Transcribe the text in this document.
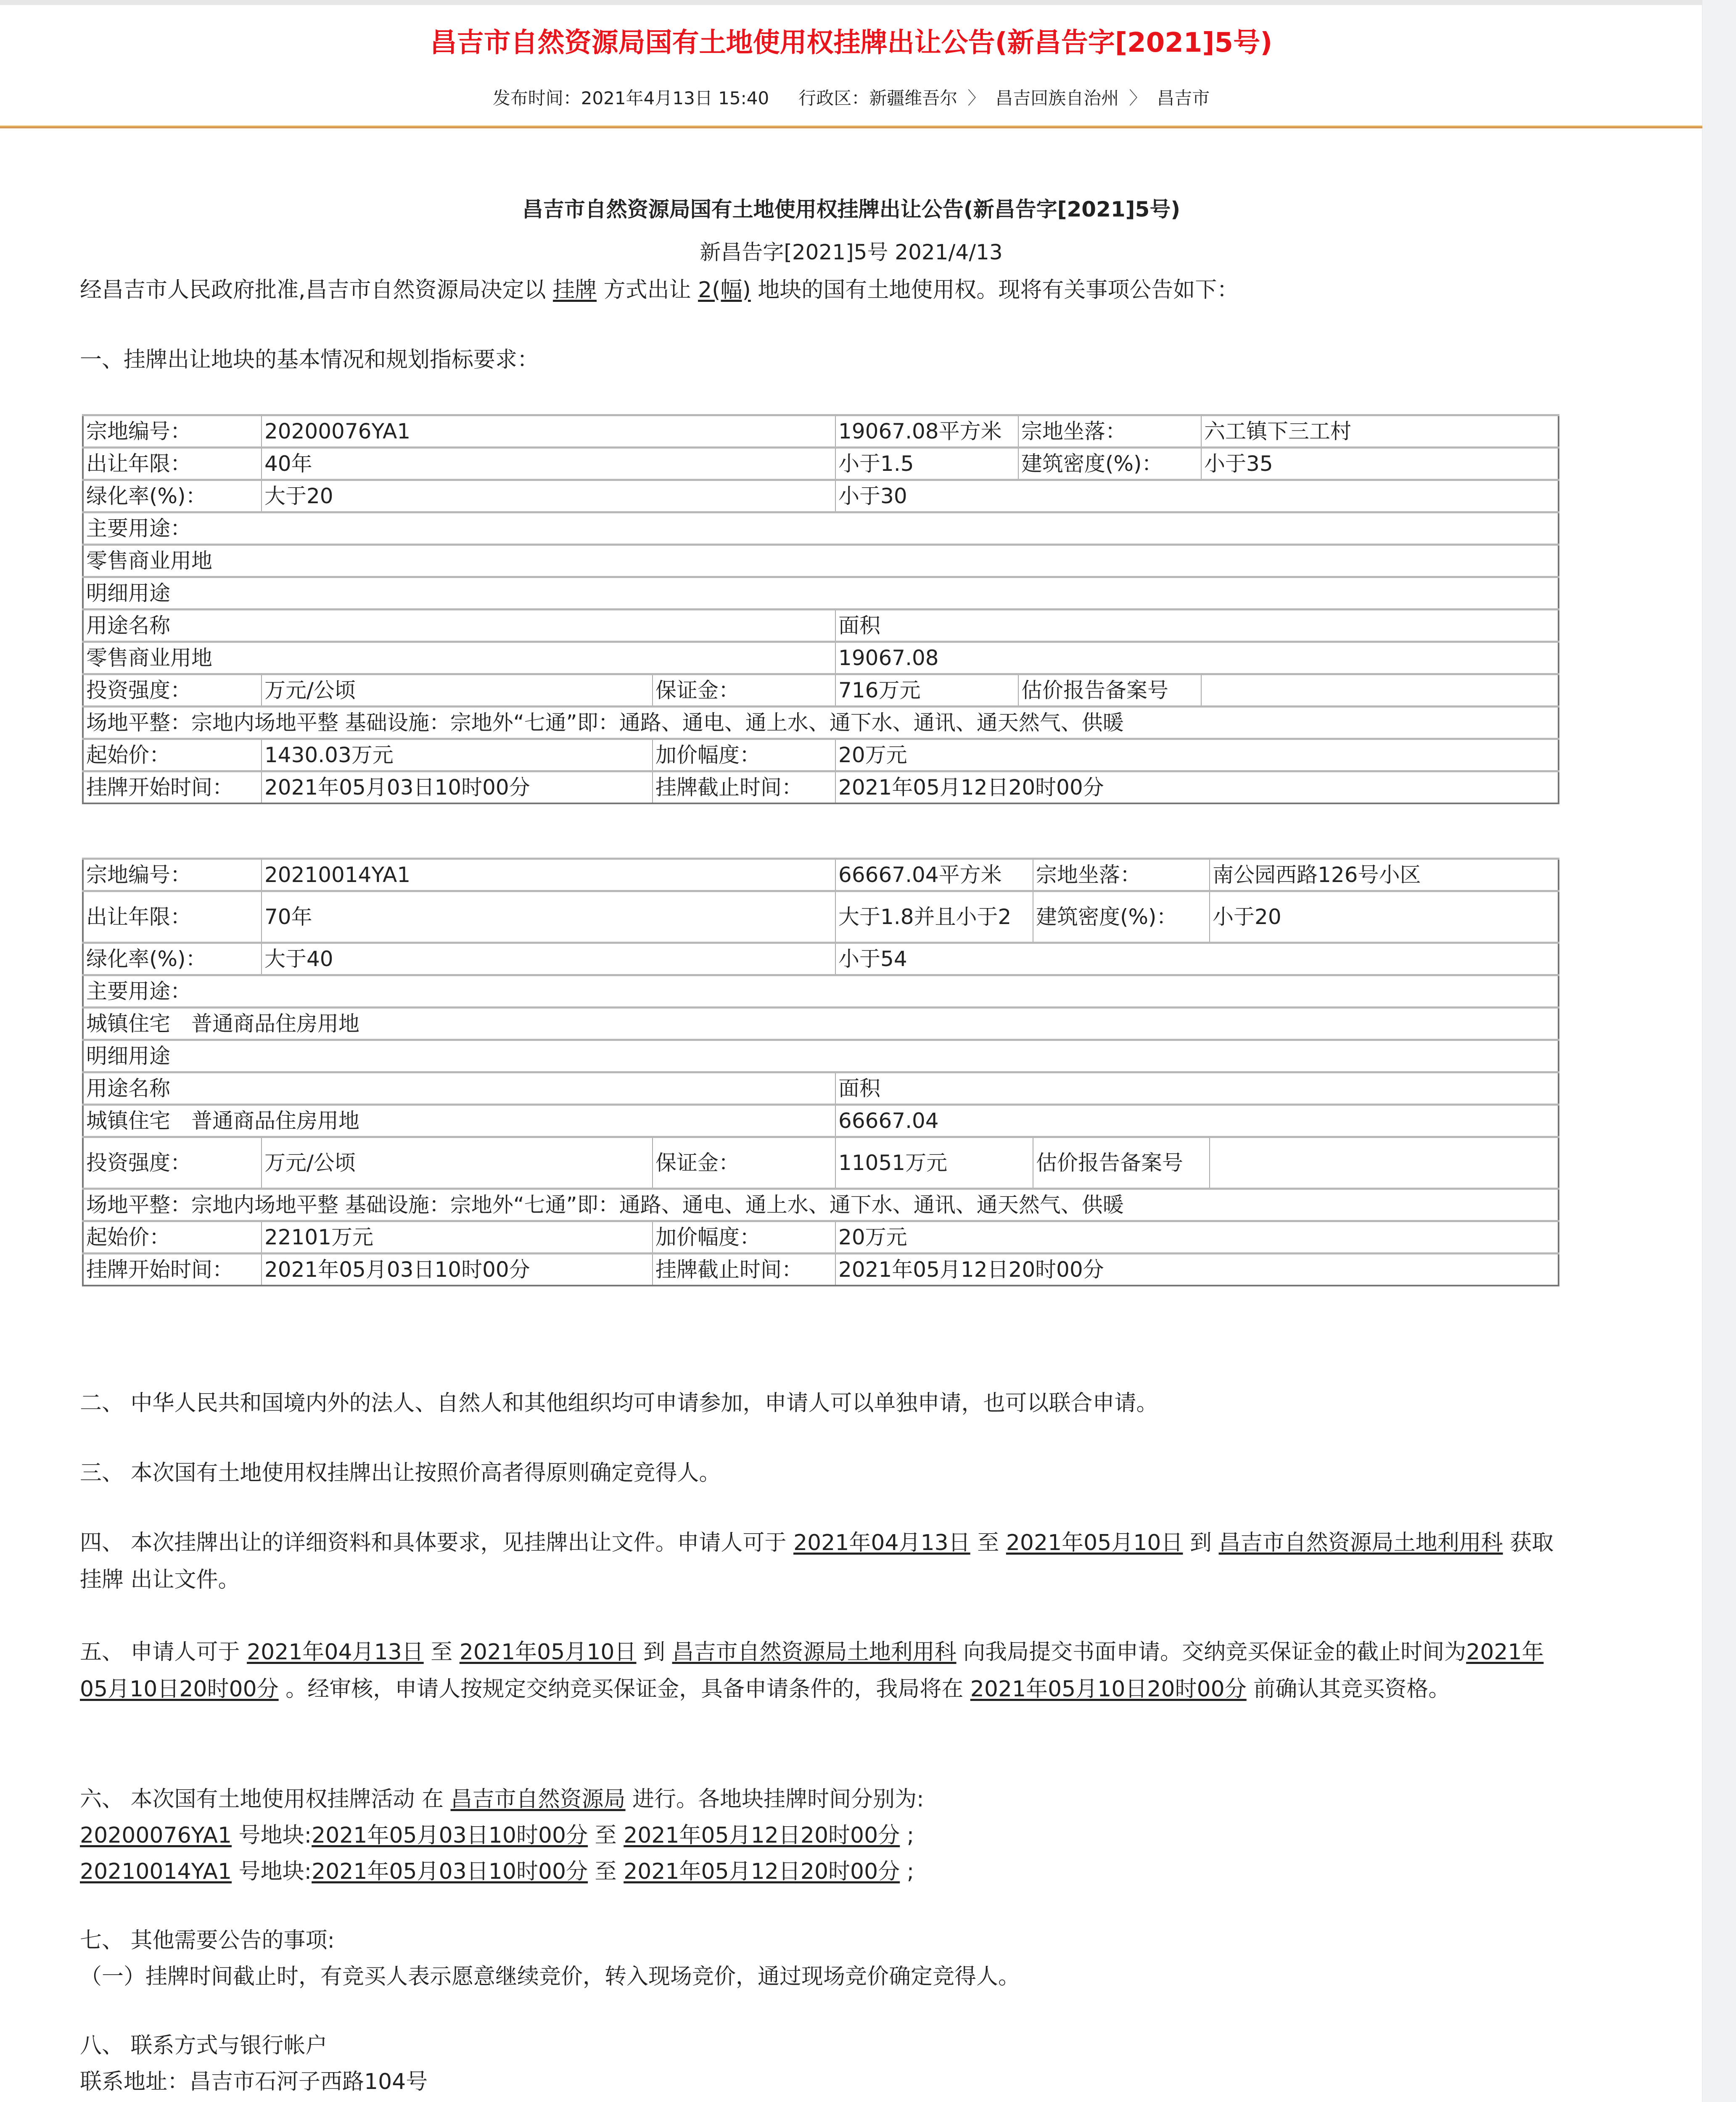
昌吉市自然资源局国有土地使用权挂牌出让公告(新昌告字[2021]5号)
发布时间：2021年4月13日 15:40 行政区：新疆维吾尔 〉 昌吉回族自治州 〉 昌吉市
昌吉市自然资源局国有土地使用权挂牌出让公告(新昌告字[2021]5号)
新昌告字[2021]5号 2021/4/13
经昌吉市人民政府批准,昌吉市自然资源局决定以 挂牌 方式出让 2(幅) 地块的国有土地使用权。现将有关事项公告如下：
一、挂牌出让地块的基本情况和规划指标要求：
宗地编号：	20200076YA1		19067.08平方米	宗地坐落：	六工镇下三工村
出让年限：	40年		小于1.5	建筑密度(%)：	小于35
绿化率(%)：	大于20		小于30		
主要用途：					
零售商业用地					
明细用途					
用途名称			面积		
零售商业用地			19067.08		
投资强度：	万元/公顷	保证金：	716万元	估价报告备案号	
场地平整：宗地内场地平整 基础设施：宗地外“七通”即：通路、通电、通上水、通下水、通讯、通天然气、供暖					
起始价：	1430.03万元	加价幅度：	20万元		
挂牌开始时间：	2021年05月03日10时00分	挂牌截止时间：	2021年05月12日20时00分		
宗地编号：	20210014YA1		66667.04平方米	宗地坐落：	南公园西路126号小区
出让年限：	70年		大于1.8并且小于2	建筑密度(%)：	小于20
绿化率(%)：	大于40		小于54		
主要用途：					
城镇住宅　普通商品住房用地					
明细用途					
用途名称			面积		
城镇住宅　普通商品住房用地			66667.04		
投资强度：	万元/公顷	保证金：	11051万元	估价报告备案号	
场地平整：宗地内场地平整 基础设施：宗地外“七通”即：通路、通电、通上水、通下水、通讯、通天然气、供暖					
起始价：	22101万元	加价幅度：	20万元		
挂牌开始时间：	2021年05月03日10时00分	挂牌截止时间：	2021年05月12日20时00分		
二、 中华人民共和国境内外的法人、自然人和其他组织均可申请参加，申请人可以单独申请，也可以联合申请。
三、 本次国有土地使用权挂牌出让按照价高者得原则确定竞得人。
四、 本次挂牌出让的详细资料和具体要求，见挂牌出让文件。申请人可于 2021年04月13日 至 2021年05月10日 到 昌吉市自然资源局土地利用科 获取 挂牌 出让文件。
五、 申请人可于 2021年04月13日 至 2021年05月10日 到 昌吉市自然资源局土地利用科 向我局提交书面申请。交纳竞买保证金的截止时间为2021年05月10日20时00分 。经审核，申请人按规定交纳竞买保证金，具备申请条件的，我局将在 2021年05月10日20时00分 前确认其竞买资格。
六、 本次国有土地使用权挂牌活动 在 昌吉市自然资源局 进行。各地块挂牌时间分别为:
20200076YA1 号地块:2021年05月03日10时00分 至 2021年05月12日20时00分 ;
20210014YA1 号地块:2021年05月03日10时00分 至 2021年05月12日20时00分 ;
七、 其他需要公告的事项:
（一）挂牌时间截止时，有竞买人表示愿意继续竞价，转入现场竞价，通过现场竞价确定竞得人。
八、 联系方式与银行帐户
联系地址：昌吉市石河子西路104号
